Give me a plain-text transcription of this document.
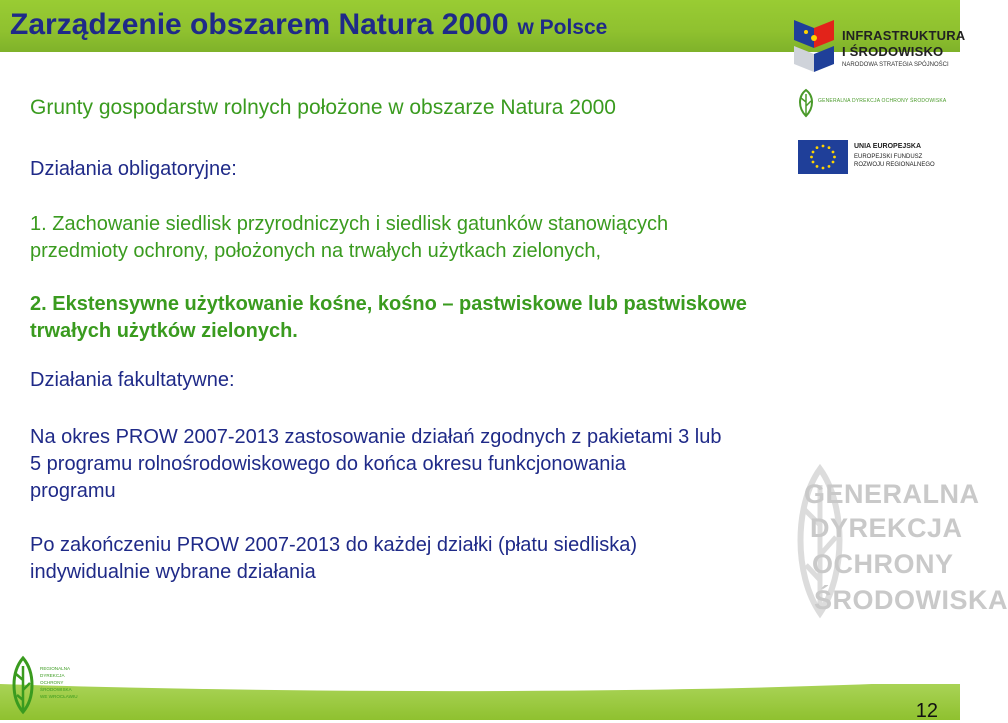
Zarządzenie obszarem Natura 2000 w Polsce	INFRASTRUKTURA
I ŚRODOWISKO
NARODOWA STRATEGIA SPÓJNOŚCI
GENERALNA DYREKCJA OCHRONY ŚRODOWISKA
UNIA EUROPEJSKA
EUROPEJSKI FUNDUSZ
ROZWOJU REGIONALNEGO
GENERALNA
DYREKCJA
OCHRONY
ŚRODOWISKA

Grunty gospodarstw rolnych położone w obszarze Natura 2000

Działania obligatoryjne:

1. Zachowanie siedlisk przyrodniczych i siedlisk gatunków stanowiących
przedmioty ochrony, położonych na trwałych użytkach zielonych,
2. Ekstensywne użytkowanie kośne, kośno – pastwiskowe lub pastwiskowe
trwałych użytków zielonych.

Działania fakultatywne:

Na okres PROW 2007-2013 zastosowanie działań zgodnych z pakietami 3 lub
5 programu rolnośrodowiskowego do końca okresu funkcjonowania
programu
Po zakończeniu PROW 2007-2013 do każdej działki (płatu siedliska)
indywidualnie wybrane działania
REGIONALNA
DYREKCJA
OCHRONY
ŚRODOWISKA
WE WROCŁAWIU
12
